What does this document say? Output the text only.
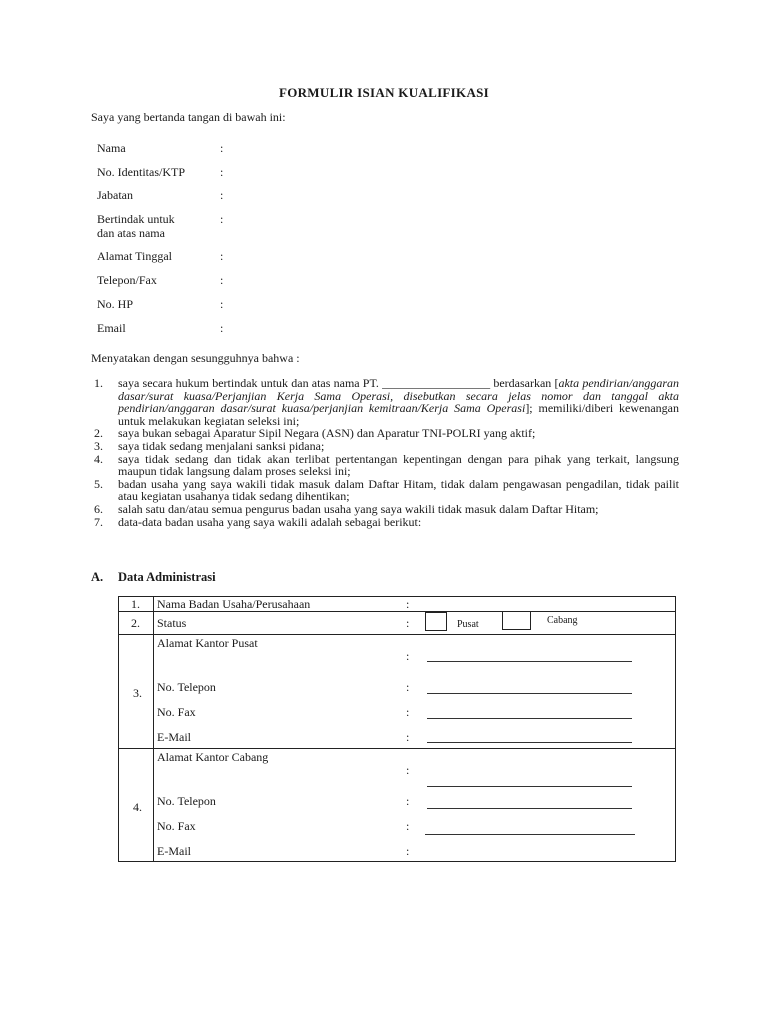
FORMULIR ISIAN KUALIFIKASI
Saya yang bertanda tangan di bawah ini:
Nama	:
No. Identitas/KTP	:
Jabatan	:
Bertindak untuk
dan atas nama
:
Alamat Tinggal	:
Telepon/Fax	:
No. HP	:
Email	:
Menyatakan dengan sesungguhnya bahwa :
1. saya secara hukum bertindak untuk dan atas nama PT. __________________ berdasarkan [akta pendirian/anggaran dasar/surat kuasa/Perjanjian Kerja Sama Operasi, disebutkan secara jelas nomor dan tanggal akta pendirian/anggaran dasar/surat kuasa/perjanjian kemitraan/Kerja Sama Operasi]; memiliki/diberi kewenangan untuk melakukan kegiatan seleksi ini;
2. saya bukan sebagai Aparatur Sipil Negara (ASN) dan Aparatur TNI-POLRI yang aktif;
3. saya tidak sedang menjalani sanksi pidana;
4. saya tidak sedang dan tidak akan terlibat pertentangan kepentingan dengan para pihak yang terkait, langsung maupun tidak langsung dalam proses seleksi ini;
5. badan usaha yang saya wakili tidak masuk dalam Daftar Hitam, tidak dalam pengawasan pengadilan, tidak pailit atau kegiatan usahanya tidak sedang dihentikan;
6. salah satu dan/atau semua pengurus badan usaha yang saya wakili tidak masuk dalam Daftar Hitam;
7. data-data badan usaha yang saya wakili adalah sebagai berikut:
A. Data Administrasi
1. Nama Badan Usaha/Perusahaan	:
2. Status	:	Pusat	Cabang
3.
Alamat Kantor Pusat
:
No. Telepon	:
No. Fax	:
E-Mail	:
4.
Alamat Kantor Cabang
:
No. Telepon	:
No. Fax	:
E-Mail	:
